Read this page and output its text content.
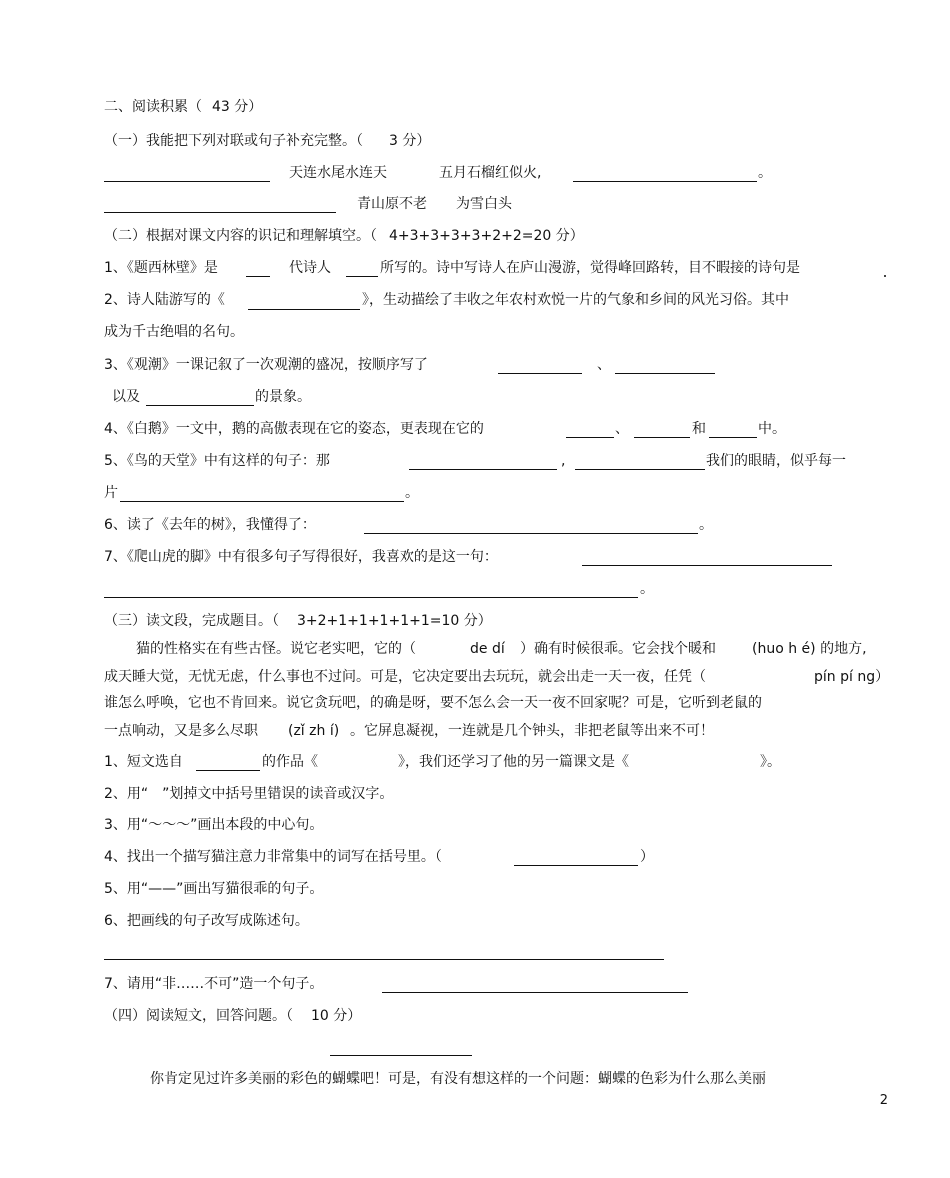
二、阅读积累（ 43 分）
（一）我能把下列对联或句子补充完整。（ 3 分）
天连水尾水连天	五月石榴红似火,	。
青山原不老 为雪白头
（二）根据对课文内容的识记和理解填空。（ 4+3+3+3+3+2+2=20 分）
1、《题西林壁》是	代诗人	所写的。诗中写诗人在庐山漫游，觉得峰回路转，目不暇接的诗句是
2、诗人陆游写的《	》，生动描绘了丰收之年农村欢悦一片的气象和乡间的风光习俗。其中
成为千古绝唱的名句。
3、《观潮》一课记叙了一次观潮的盛况，按顺序写了	、
以及	的景象。
4、《白鹅》一文中，鹅的高傲表现在它的姿态，更表现在它的	、	和	中。
5、《鸟的天堂》中有这样的句子：那	,	我们的眼睛，似乎每一
片	。
6、读了《去年的树》，我懂得了：	。
7、《爬山虎的脚》中有很多句子写得很好，我喜欢的是这一句：
。
（三）读文段，完成题目。（ 3+2+1+1+1+1+1=10 分）
猫的性格实在有些古怪。说它老实吧，它的（	de dí ）确有时候很乖。它会找个暖和	(huo h é) 的地方,
成天睡大觉，无忧无虑，什么事也不过问。可是，它决定要出去玩玩，就会出走一天一夜，任凭（	pín pí ng）
谁怎么呼唤，它也不肯回来。说它贪玩吧，的确是呀，要不怎么会一天一夜不回家呢？可是，它听到老鼠的
一点响动，又是多么尽职 (zǐ zh í) 。它屏息凝视，一连就是几个钟头，非把老鼠等出来不可！
1、短文选自	的作品《	》，我们还学习了他的另一篇课文是《	》。
2、用“　”划掉文中括号里错误的读音或汉字。
3、用“～～～”画出本段的中心句。
4、找出一个描写猫注意力非常集中的词写在括号里。（	）
5、用“——”画出写猫很乖的句子。
6、把画线的句子改写成陈述句。
7、请用“非……不可”造一个句子。
（四）阅读短文，回答问题。（ 10 分）
你肯定见过许多美丽的彩色的蝴蝶吧！可是，有没有想这样的一个问题：蝴蝶的色彩为什么那么美丽
2
